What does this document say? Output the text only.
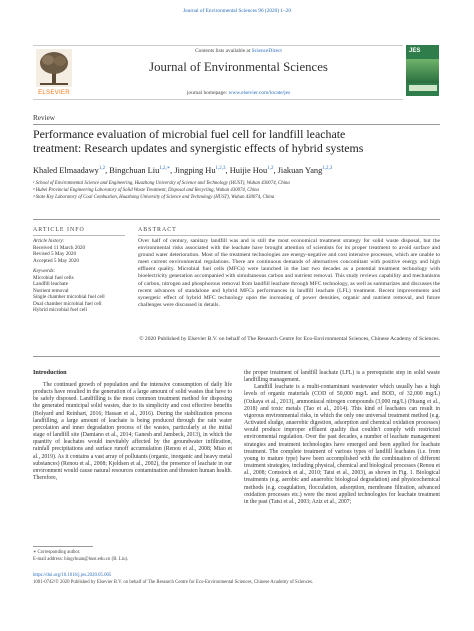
Journal of Environmental Sciences 96 (2020) 1–20
ELSEVIER
Contents lists available at ScienceDirect
Journal of Environmental Sciences
journal homepage: www.elsevier.com/locate/jes
JES
Review
Performance evaluation of microbial fuel cell for landfill leachate
treatment: Research updates and synergistic effects of hybrid systems
Khaled Elmaadawy$^{1,2}$, Bingchuan Liu$^{1,2,∗}$, Jingping Hu$^{1,2,3}$, Huijie Hou$^{1,2}$, Jiakuan Yang$^{1,2,3}$
¹ School of Environmental Science and Engineering, Huazhong University of Science and Technology (HUST), Wuhan 430074, China
² Hubei Provincial Engineering Laboratory of Solid Waste Treatment, Disposal and Recycling, Wuhan 430074, China
³ State Key Laboratory of Coal Combustion, Huazhong University of Science and Technology (HUST), Wuhan 430074, China
ARTICLE INFO
Article history:
Received 11 March 2020
Revised 5 May 2020
Accepted 5 May 2020
Keywords:
Microbial fuel cells
Landfill leachate
Nutrient removal
Single chamber microbial fuel cell
Dual chamber microbial fuel cell
Hybrid microbial fuel cell
ABSTRACT
Over half of century, sanitary landfill was and is still the most economical treatment strategy for solid waste disposal, but the environmental risks associated with the leachate have brought attention of scientists for its proper treatment to avoid surface and ground water deterioration. Most of the treatment technologies are energy-negative and cost intensive processes, which are unable to meet current environmental regulations. There are continuous demands of alternatives concomitant with positive energy and high effluent quality. Microbial fuel cells (MFCs) were launched in the last two decades as a potential treatment technology with bioelectricity generation accompanied with simultaneous carbon and nutrient removal. This study reviews capability and mechanisms of carbon, nitrogen and phosphorous removal from landfill leachate through MFC technology, as well as summarizes and discusses the recent advances of standalone and hybrid MFCs performances in landfill leachate (LFL) treatment. Recent improvements and synergetic effect of hybrid MFC technology upon the increasing of power densities, organic and nutrient removal, and future challenges were discussed in details.
© 2020 Published by Elsevier B.V. on behalf of The Research Centre for Eco-Environmental Sciences, Chinese Academy of Sciences.
Introduction

The continued growth of population and the intensive consumption of daily life products have resulted in the generation of a large amount of solid wastes that have to be safely disposed. Landfilling is the most common treatment method for disposing the generated municipal solid wastes, due to its simplicity and cost effective benefits (Bolyard and Reinhart, 2016; Hassan et al., 2016). During the stabilization process landfilling, a large amount of leachate is being produced through the rain water percolation and inner degradation process of the wastes, particularly at the initial stage of landfill site (Damiano et al., 2014; Ganesh and Jambeck, 2013), in which the quantity of leachates would inevitably affected by the groundwater infiltration, rainfall precipitations and surface runoff accumulation (Renou et al., 2008; Miao et al., 2019). As it contains a vast array of pollutants (organic, inorganic and heavy metal substances) (Renou et al., 2008; Kjeldsen et al., 2002), the presence of leachate in our environment would cause natural resources contamination and threaten human health. Therefore,

the proper treatment of landfill leachate (LFL) is a prerequisite step in solid waste landfilling management.

Landfill leachate is a multi-contaminant wastewater which usually has a high levels of organic materials (COD of 50,000 mg/L and BOD₅ of 32,000 mg/L) (Ozkaya et al., 2013), ammoniacal nitrogen compounds (3,000 mg/L) (Huang et al., 2018) and toxic metals (Tao et al., 2014). This kind of leachates can result in vigorous environmental risks, in which the only one universal treatment method (e.g. Activated sludge, anaerobic digestion, adsorption and chemical oxidation processes) would produce improper effluent quality that couldn't comply with restricted environmental regulation. Over the past decades, a number of leachate management strategies and treatment technologies have emerged and been applied for leachate treatment. The complete treatment of various types of landfill leachates (i.e. from young to mature type) have been accomplished with the combination of different treatment strategies, including physical, chemical and biological processes (Renou et al., 2008; Comstock et al., 2010; Tatsi et al., 2003), as shown in Fig. 1. Biological treatments (e.g. aerobic and anaerobic biological degradation) and physicochemical methods (e.g. coagulation, flocculation, adsorption, membrane filtration, advanced oxidation processes etc.) were the most applied technologies for leachate treatment in the past (Tatsi et al., 2003; Aziz et al., 2007;

∗ Corresponding author.
E-mail address: bingchuan@hust.edu.cn (B. Liu).
https://doi.org/10.1016/j.jes.2020.05.005
1001-0742/© 2020 Published by Elsevier B.V. on behalf of The Research Centre for Eco-Environmental Sciences, Chinese Academy of Sciences.
